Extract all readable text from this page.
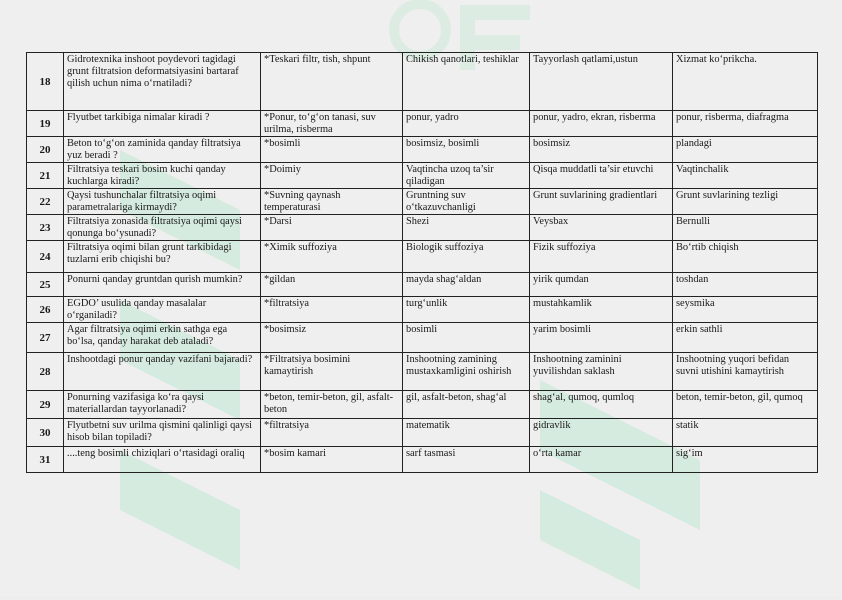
18	Gidrotexnika inshoot poydevori tagidagi grunt filtratsion deformatsiyasini bartaraf qilish uchun nima o‘rnatiladi?	*Teskari filtr, tish, shpunt	Chikish qanotlari, teshiklar	Tayyorlash qatlami,ustun	Xizmat ko‘prikcha.
19	Flyutbet tarkibiga nimalar kiradi ?	*Ponur, to‘g‘on tanasi, suv urilma, risberma	ponur, yadro	ponur, yadro, ekran, risberma	ponur, risberma, diafragma
20	Beton to‘g‘on zaminida qanday filtratsiya yuz beradi ?	*bosimli	bosimsiz, bosimli	bosimsiz	plandagi
21	Filtratsiya teskari bosim kuchi qanday kuchlarga kiradi?	*Doimiy	Vaqtincha uzoq ta’sir qiladigan	Qisqa muddatli ta’sir etuvchi	Vaqtinchalik
22	Qaysi tushunchalar filtratsiya oqimi parametralariga kirmaydi?	*Suvning qaynash temperaturasi	Gruntning suv o‘tkazuvchanligi	Grunt suvlarining gradientlari	Grunt suvlarining tezligi
23	Filtratsiya zonasida filtratsiya oqimi qaysi qonunga bo‘ysunadi?	*Darsi	Shezi	Veysbax	Bernulli
24	Filtratsiya oqimi bilan grunt tarkibidagi tuzlarni erib chiqishi bu?	*Ximik suffoziya	Biologik suffoziya	Fizik suffoziya	Bo‘rtib chiqish
25	Ponurni qanday gruntdan qurish mumkin?	*gildan	mayda shag‘aldan	yirik qumdan	toshdan
26	EGDO’ usulida qanday masalalar o‘rganiladi?	*filtratsiya	turg‘unlik	mustahkamlik	seysmika
27	Agar filtratsiya oqimi erkin sathga ega bo‘lsa, qanday harakat deb ataladi?	*bosimsiz	bosimli	yarim bosimli	erkin sathli
28	Inshootdagi ponur qanday vazifani bajaradi?	*Filtratsiya bosimini kamaytirish	Inshootning zamining mustaxkamligini oshirish	Inshootning zaminini yuvilishdan saklash	Inshootning yuqori befidan suvni utishini kamaytirish
29	Ponurning vazifasiga ko‘ra qaysi materiallardan tayyorlanadi?	*beton, temir-beton, gil, asfalt-beton	gil, asfalt-beton, shag‘al	shag‘al, qumoq, qumloq	beton, temir-beton, gil, qumoq
30	Flyutbetni suv urilma qismini qalinligi qaysi hisob bilan topiladi?	*filtratsiya	matematik	gidravlik	statik
31	....teng bosimli chiziqlari o‘rtasidagi oraliq	*bosim kamari	sarf tasmasi	o‘rta kamar	sig‘im
